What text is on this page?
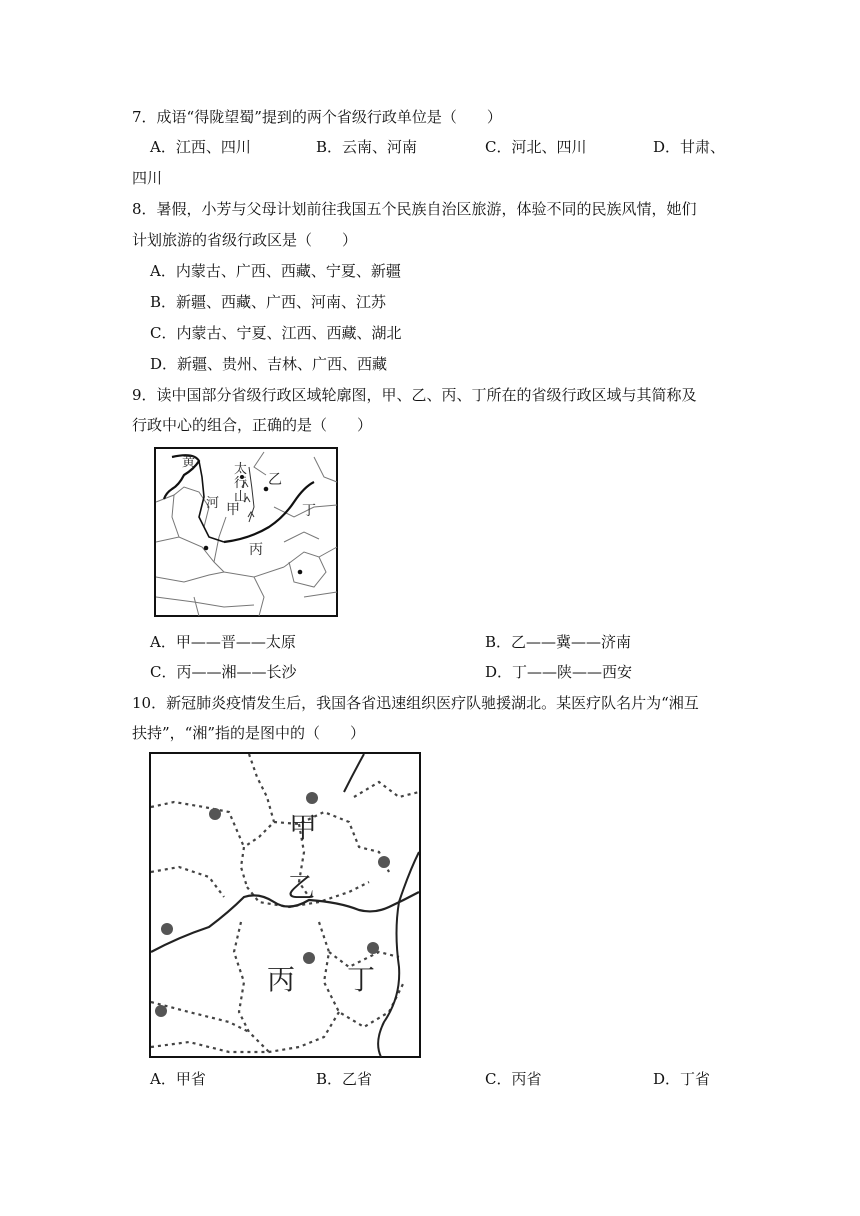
7．成语“得陇望蜀”提到的两个省级行政单位是（　　）
A．江西、四川	B．云南、河南	C．河北、四川	D．甘肃、
四川
8．暑假，小芳与父母计划前往我国五个民族自治区旅游，体验不同的民族风情，她们
计划旅游的省级行政区是（　　）
A．内蒙古、广西、西藏、宁夏、新疆
B．新疆、西藏、广西、河南、江苏
C．内蒙古、宁夏、江西、西藏、湖北
D．新疆、贵州、吉林、广西、西藏
9．读中国部分省级行政区域轮廓图，甲、乙、丙、丁所在的省级行政区域与其简称及
行政中心的组合，正确的是（　　）
黄
河
太
行
山
甲
乙
丙
丁
A．甲——晋——太原	B．乙——冀——济南
C．丙——湘——长沙	D．丁——陕——西安
10．新冠肺炎疫情发生后，我国各省迅速组织医疗队驰援湖北。某医疗队名片为“湘互
扶持”，“湘”指的是图中的（　　）
甲
乙
丙 丁
A．甲省	B．乙省	C．丙省	D．丁省
